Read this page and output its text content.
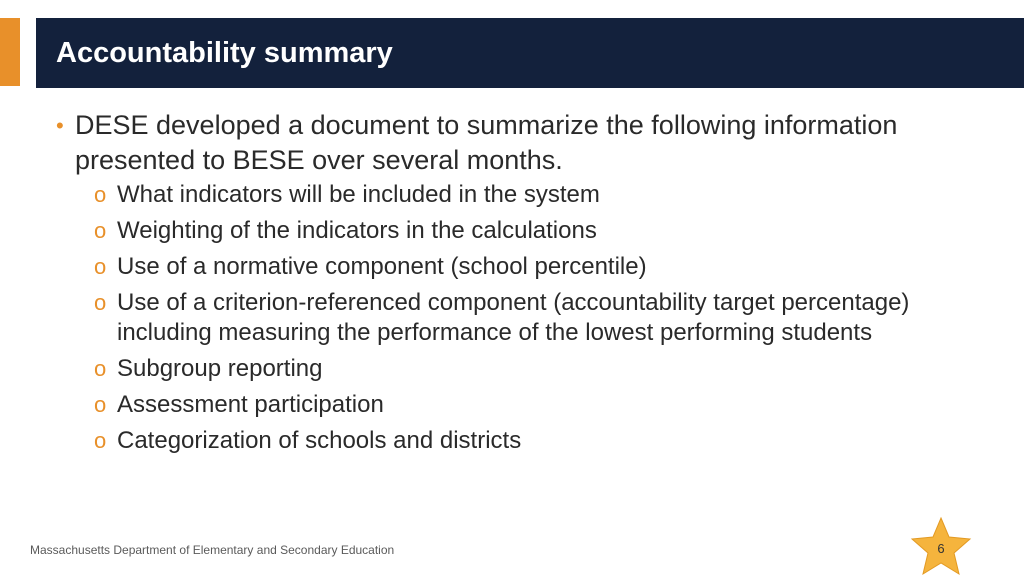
Accountability summary
• DESE developed a document to summarize the following information presented to BESE over several months.
o What indicators will be included in the system
o Weighting of the indicators in the calculations
o Use of a normative component (school percentile)
o Use of a criterion-referenced component (accountability target percentage) including measuring the performance of the lowest performing students
o Subgroup reporting
o Assessment participation
o Categorization of schools and districts
Massachusetts Department of Elementary and Secondary Education	6
